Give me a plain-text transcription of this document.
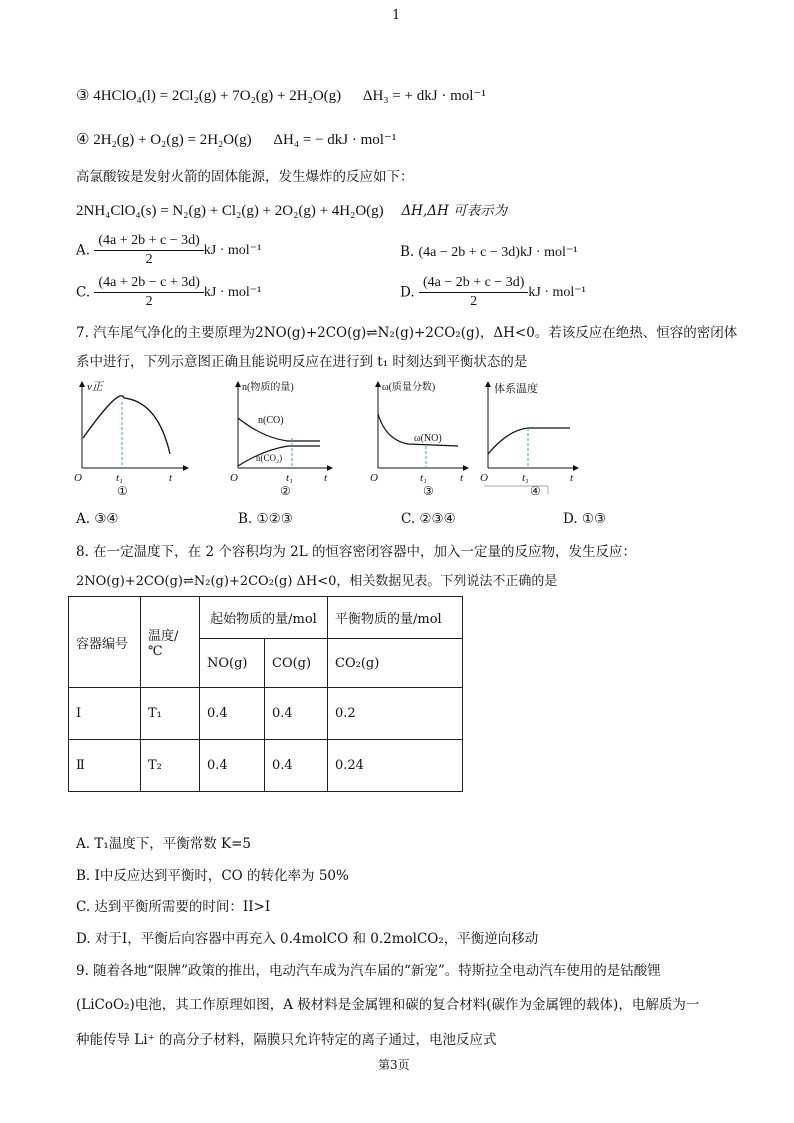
1
③ 4HClO₄(l) = 2Cl₂(g) + 7O₂(g) + 2H₂O(g) ΔH₃ = + dkJ · mol⁻¹
④ 2H₂(g) + O₂(g) = 2H₂O(g) ΔH₄ = − dkJ · mol⁻¹
高氯酸铵是发射火箭的固体能源，发生爆炸的反应如下：
2NH₄ClO₄(s) = N₂(g) + Cl₂(g) + 2O₂(g) + 4H₂O(g) ΔH,ΔH 可表示为
A. $\frac{(4a + 2b + c - 3d)}{2}$ kJ · mol⁻¹	B. (4a − 2b + c − 3d)kJ · mol⁻¹
C. $\frac{(4a + 2b - c + 3d)}{2}$ kJ · mol⁻¹	D. $\frac{(4a - 2b + c - 3d)}{2}$ kJ · mol⁻¹
7. 汽车尾气净化的主要原理为2NO(g)+2CO(g)⇌N₂(g)+2CO₂(g)，ΔH<0。若该反应在绝热、恒容的密闭体
系中进行，下列示意图正确且能说明反应在进行到 t₁ 时刻达到平衡状态的是
v正
O	t₁	t
①
n(物质的量)
n(CO)
n(CO₂)
O	t₁	t
②
ω(质量分数)
ω(NO)
O	t₁	t
③
体系温度
O	t₁	t
④
A. ③④	B. ①②③	C. ②③④	D. ①③
8. 在一定温度下，在 2 个容积均为 2L 的恒容密闭容器中，加入一定量的反应物，发生反应：
2NO(g)+2CO(g)⇌N₂(g)+2CO₂(g) ΔH<0，相关数据见表。下列说法不正确的是
容器编号	温度/℃	起始物质的量/mol		平衡物质的量/mol
		NO(g)	CO(g)	CO₂(g)
Ⅰ	T₁	0.4	0.4	0.2
Ⅱ	T₂	0.4	0.4	0.24
A. T₁温度下，平衡常数 K=5
B. Ⅰ中反应达到平衡时，CO 的转化率为 50%
C. 达到平衡所需要的时间：II>I
D. 对于Ⅰ，平衡后向容器中再充入 0.4molCO 和 0.2molCO₂，平衡逆向移动
9. 随着各地“限牌”政策的推出，电动汽车成为汽车届的“新宠”。特斯拉全电动汽车使用的是钴酸锂
(LiCoO₂)电池，其工作原理如图，A 极材料是金属锂和碳的复合材料(碳作为金属锂的载体)，电解质为一
种能传导 Li⁺ 的高分子材料，隔膜只允许特定的离子通过，电池反应式
第3页
